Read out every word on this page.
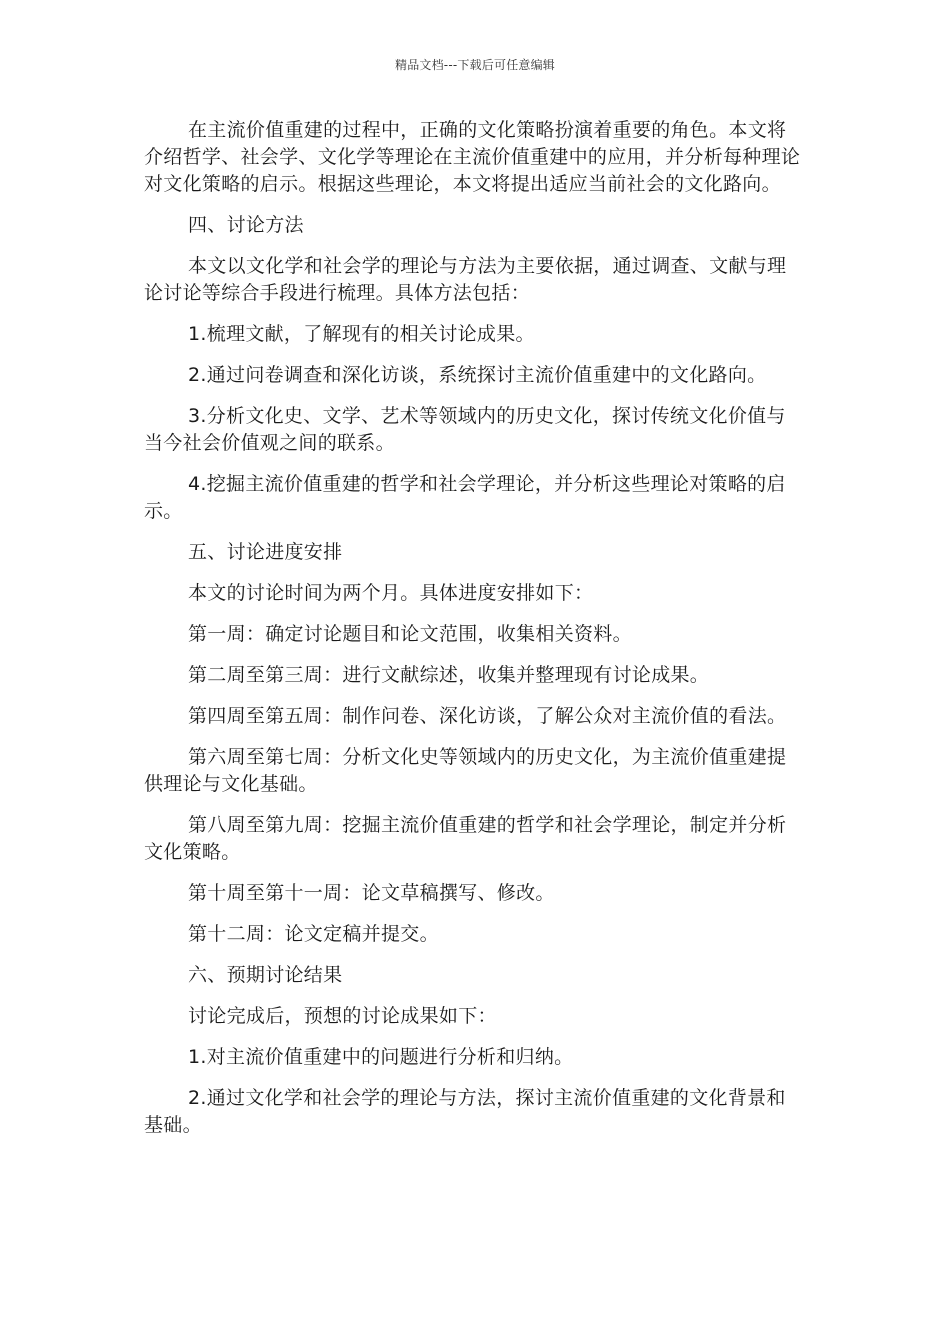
精品文档---下载后可任意编辑

在主流价值重建的过程中，正确的文化策略扮演着重要的角色。本文将介绍哲学、社会学、文化学等理论在主流价值重建中的应用，并分析每种理论对文化策略的启示。根据这些理论，本文将提出适应当前社会的文化路向。

四、讨论方法

本文以文化学和社会学的理论与方法为主要依据，通过调查、文献与理论讨论等综合手段进行梳理。具体方法包括：

1.梳理文献，了解现有的相关讨论成果。

2.通过问卷调查和深化访谈，系统探讨主流价值重建中的文化路向。

3.分析文化史、文学、艺术等领域内的历史文化，探讨传统文化价值与当今社会价值观之间的联系。

4.挖掘主流价值重建的哲学和社会学理论，并分析这些理论对策略的启示。

五、讨论进度安排

本文的讨论时间为两个月。具体进度安排如下：

第一周：确定讨论题目和论文范围，收集相关资料。

第二周至第三周：进行文献综述，收集并整理现有讨论成果。

第四周至第五周：制作问卷、深化访谈，了解公众对主流价值的看法。

第六周至第七周：分析文化史等领域内的历史文化，为主流价值重建提供理论与文化基础。

第八周至第九周：挖掘主流价值重建的哲学和社会学理论，制定并分析文化策略。

第十周至第十一周：论文草稿撰写、修改。

第十二周：论文定稿并提交。

六、预期讨论结果

讨论完成后，预想的讨论成果如下：

1.对主流价值重建中的问题进行分析和归纳。

2.通过文化学和社会学的理论与方法，探讨主流价值重建的文化背景和基础。
